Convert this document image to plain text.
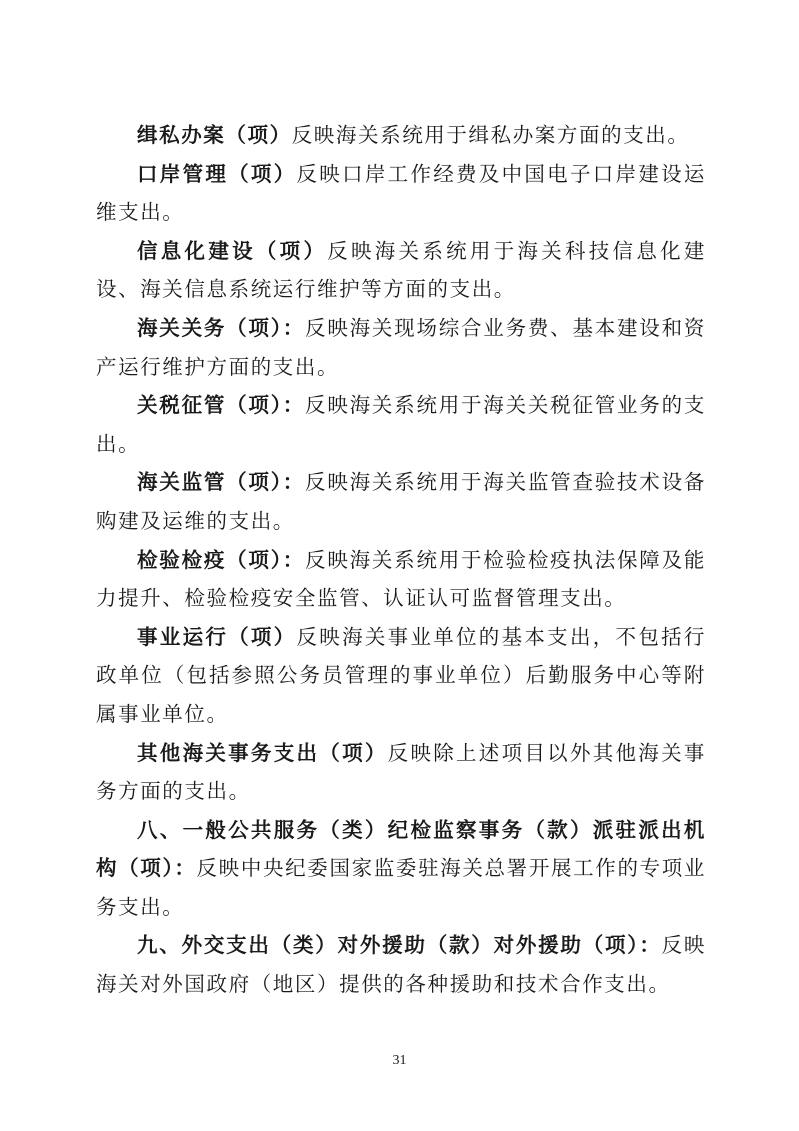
缉私办案（项）反映海关系统用于缉私办案方面的支出。

口岸管理（项）反映口岸工作经费及中国电子口岸建设运维支出。

信息化建设（项）反映海关系统用于海关科技信息化建设、海关信息系统运行维护等方面的支出。

海关关务（项）：反映海关现场综合业务费、基本建设和资产运行维护方面的支出。

关税征管（项）：反映海关系统用于海关关税征管业务的支出。

海关监管（项）：反映海关系统用于海关监管查验技术设备购建及运维的支出。

检验检疫（项）：反映海关系统用于检验检疫执法保障及能力提升、检验检疫安全监管、认证认可监督管理支出。

事业运行（项）反映海关事业单位的基本支出，不包括行政单位（包括参照公务员管理的事业单位）后勤服务中心等附属事业单位。

其他海关事务支出（项）反映除上述项目以外其他海关事务方面的支出。

八、一般公共服务（类）纪检监察事务（款）派驻派出机构（项）：反映中央纪委国家监委驻海关总署开展工作的专项业务支出。

九、外交支出（类）对外援助（款）对外援助（项）：反映海关对外国政府（地区）提供的各种援助和技术合作支出。

31
